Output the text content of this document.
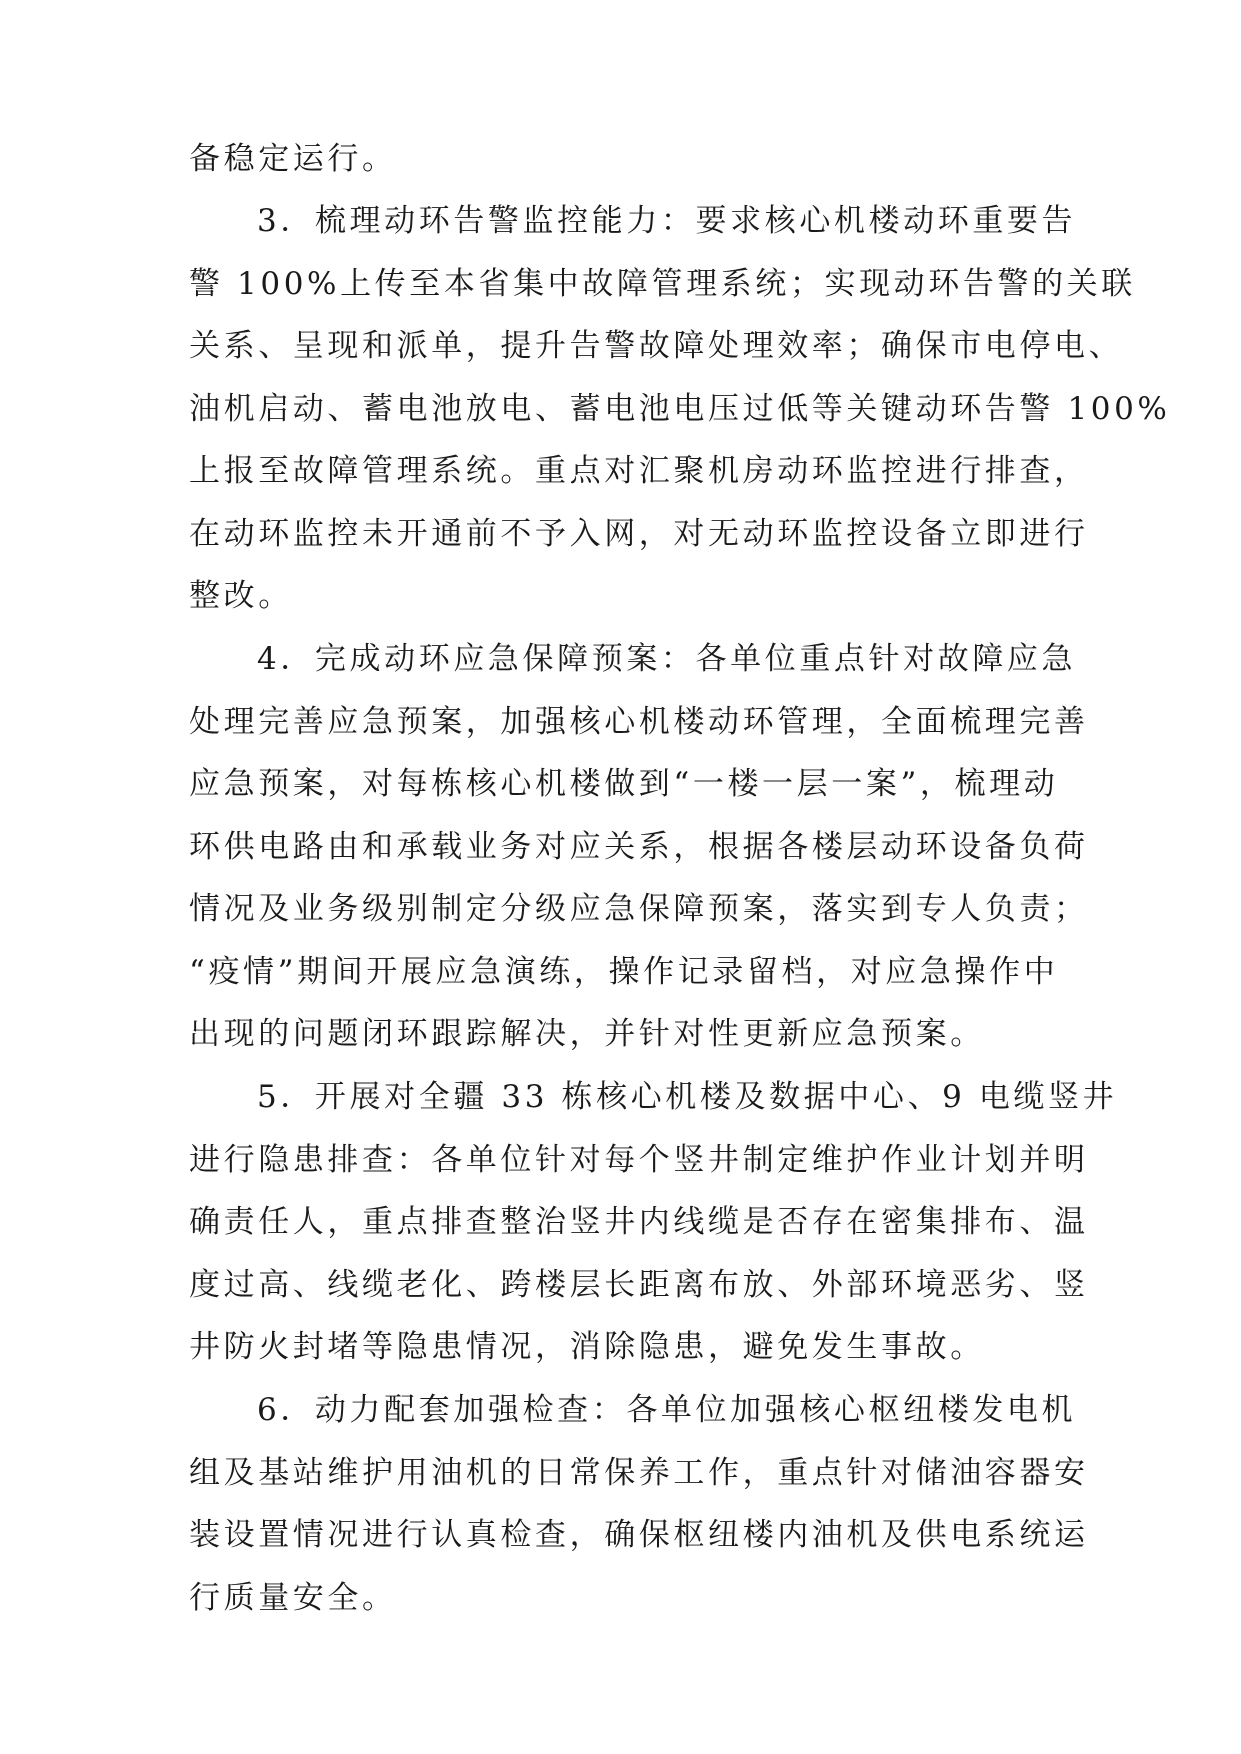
备稳定运行。
3．梳理动环告警监控能力：要求核心机楼动环重要告
警 100%上传至本省集中故障管理系统；实现动环告警的关联
关系、呈现和派单，提升告警故障处理效率；确保市电停电、
油机启动、蓄电池放电、蓄电池电压过低等关键动环告警 100%
上报至故障管理系统。重点对汇聚机房动环监控进行排查，
在动环监控未开通前不予入网，对无动环监控设备立即进行
整改。
4．完成动环应急保障预案：各单位重点针对故障应急
处理完善应急预案，加强核心机楼动环管理，全面梳理完善
应急预案，对每栋核心机楼做到“一楼一层一案”，梳理动
环供电路由和承载业务对应关系，根据各楼层动环设备负荷
情况及业务级别制定分级应急保障预案，落实到专人负责；
“疫情”期间开展应急演练，操作记录留档，对应急操作中
出现的问题闭环跟踪解决，并针对性更新应急预案。
5．开展对全疆 33 栋核心机楼及数据中心、9 电缆竖井
进行隐患排查：各单位针对每个竖井制定维护作业计划并明
确责任人，重点排查整治竖井内线缆是否存在密集排布、温
度过高、线缆老化、跨楼层长距离布放、外部环境恶劣、竖
井防火封堵等隐患情况，消除隐患，避免发生事故。
6．动力配套加强检查：各单位加强核心枢纽楼发电机
组及基站维护用油机的日常保养工作，重点针对储油容器安
装设置情况进行认真检查，确保枢纽楼内油机及供电系统运
行质量安全。
